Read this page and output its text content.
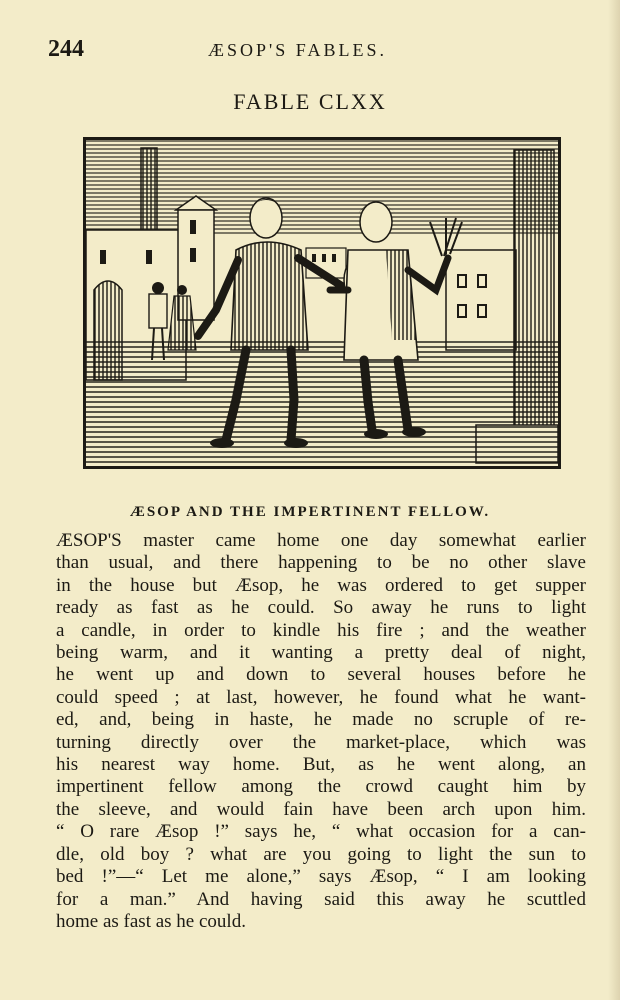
244	ÆSOP'S FABLES.
FABLE CLXX
ÆSOP AND THE IMPERTINENT FELLOW.
ÆSOP'S master came home one day somewhat earlier
than usual, and there happening to be no other slave
in the house but Æsop, he was ordered to get supper
ready as fast as he could. So away he runs to light
a candle, in order to kindle his fire ; and the weather
being warm, and it wanting a pretty deal of night,
he went up and down to several houses before he
could speed ; at last, however, he found what he want-
ed, and, being in haste, he made no scruple of re-
turning directly over the market-place, which was
his nearest way home. But, as he went along, an
impertinent fellow among the crowd caught him by
the sleeve, and would fain have been arch upon him.
“ O rare Æsop !” says he, “ what occasion for a can-
dle, old boy ? what are you going to light the sun to
bed !”—“ Let me alone,” says Æsop, “ I am looking
for a man.” And having said this away he scuttled
home as fast as he could.
